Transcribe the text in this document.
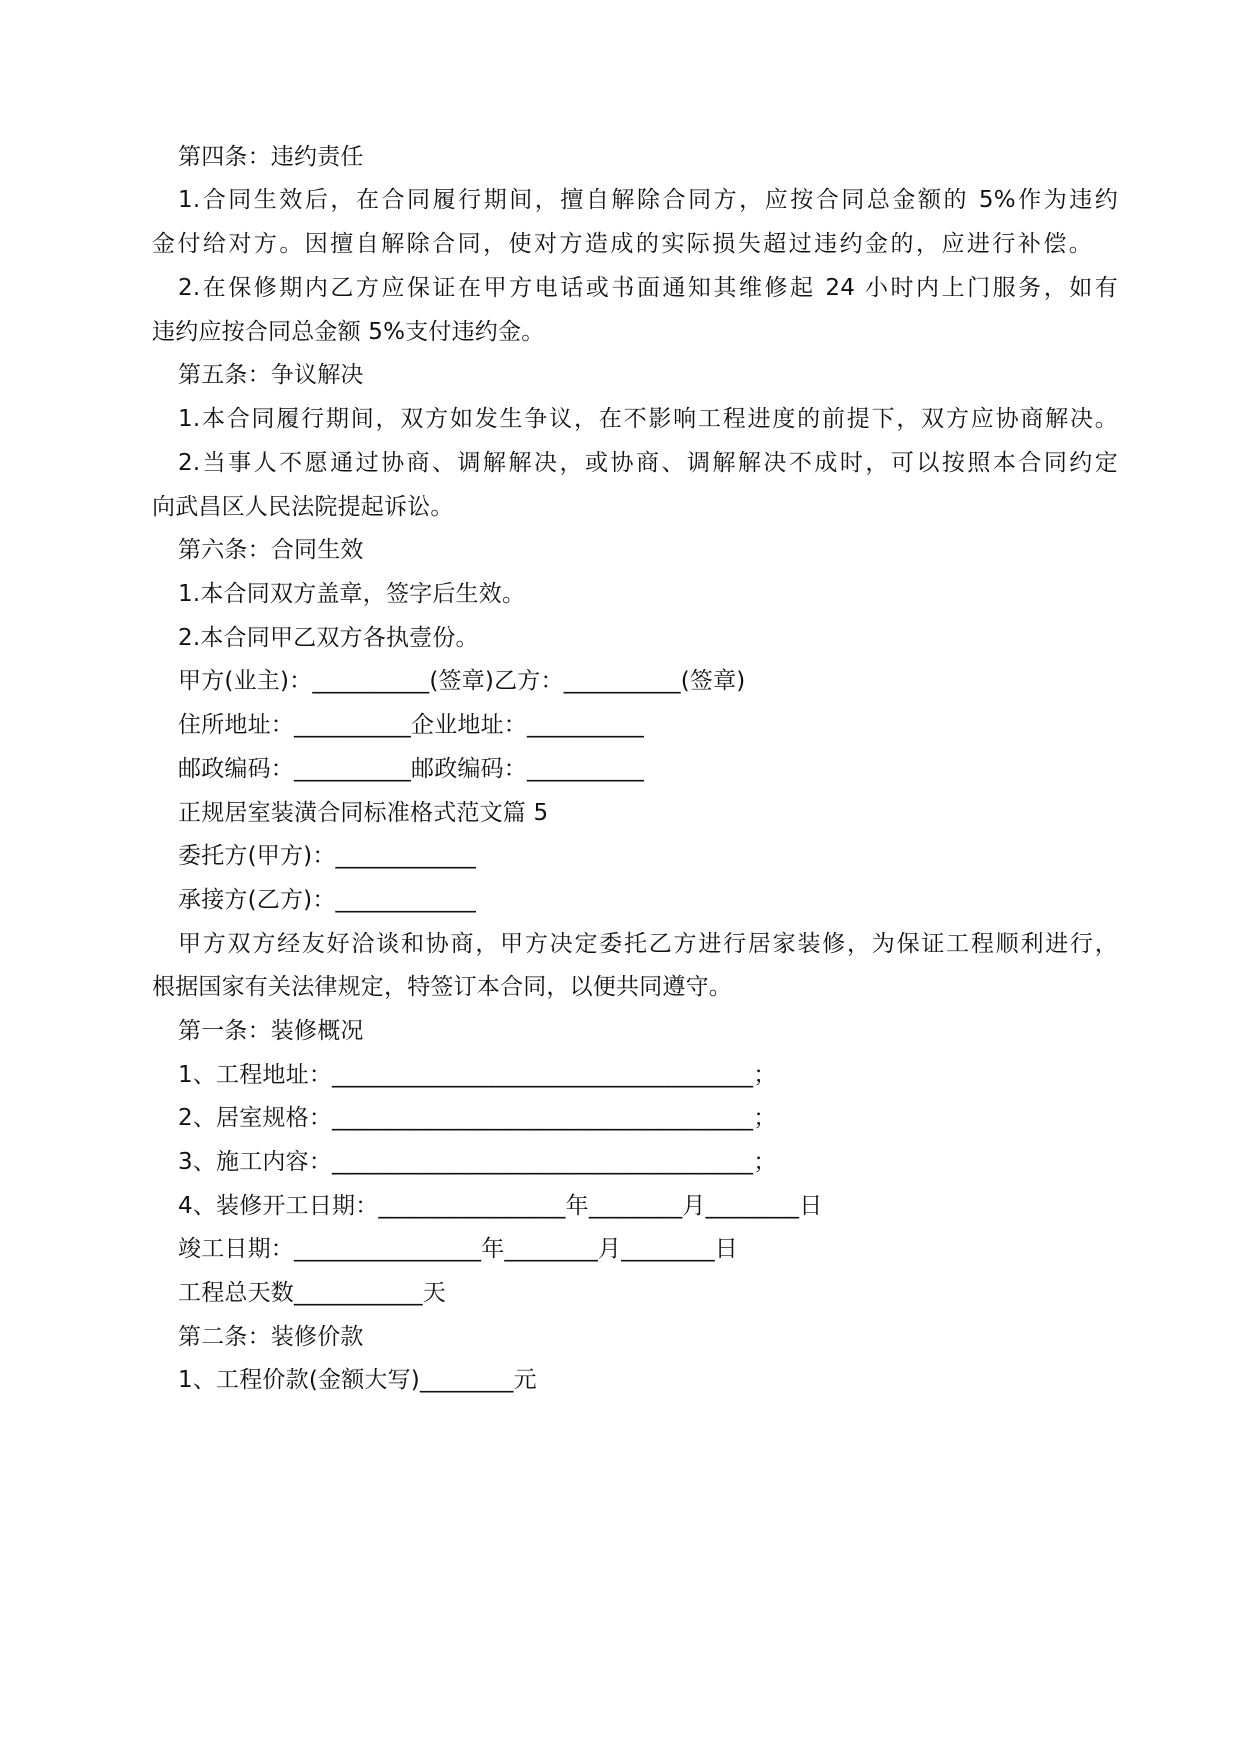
第四条：违约责任
1.合同生效后，在合同履行期间，擅自解除合同方，应按合同总金额的 5%作为违约
金付给对方。因擅自解除合同，使对方造成的实际损失超过违约金的，应进行补偿。
2.在保修期内乙方应保证在甲方电话或书面通知其维修起 24 小时内上门服务，如有
违约应按合同总金额 5%支付违约金。
第五条：争议解决
1.本合同履行期间，双方如发生争议，在不影响工程进度的前提下，双方应协商解决。
2.当事人不愿通过协商、调解解决，或协商、调解解决不成时，可以按照本合同约定
向武昌区人民法院提起诉讼。
第六条：合同生效
1.本合同双方盖章，签字后生效。
2.本合同甲乙双方各执壹份。
甲方(业主)：__________(签章)乙方：__________(签章)
住所地址：__________企业地址：__________
邮政编码：__________邮政编码：__________
正规居室装潢合同标准格式范文篇 5
委托方(甲方)：____________
承接方(乙方)：____________
甲方双方经友好洽谈和协商，甲方决定委托乙方进行居家装修，为保证工程顺利进行，
根据国家有关法律规定，特签订本合同，以便共同遵守。
第一条：装修概况
1、工程地址：____________________________________；
2、居室规格：____________________________________；
3、施工内容：____________________________________；
4、装修开工日期：________________年________月________日
竣工日期：________________年________月________日
工程总天数___________天
第二条：装修价款
1、工程价款(金额大写)________元
